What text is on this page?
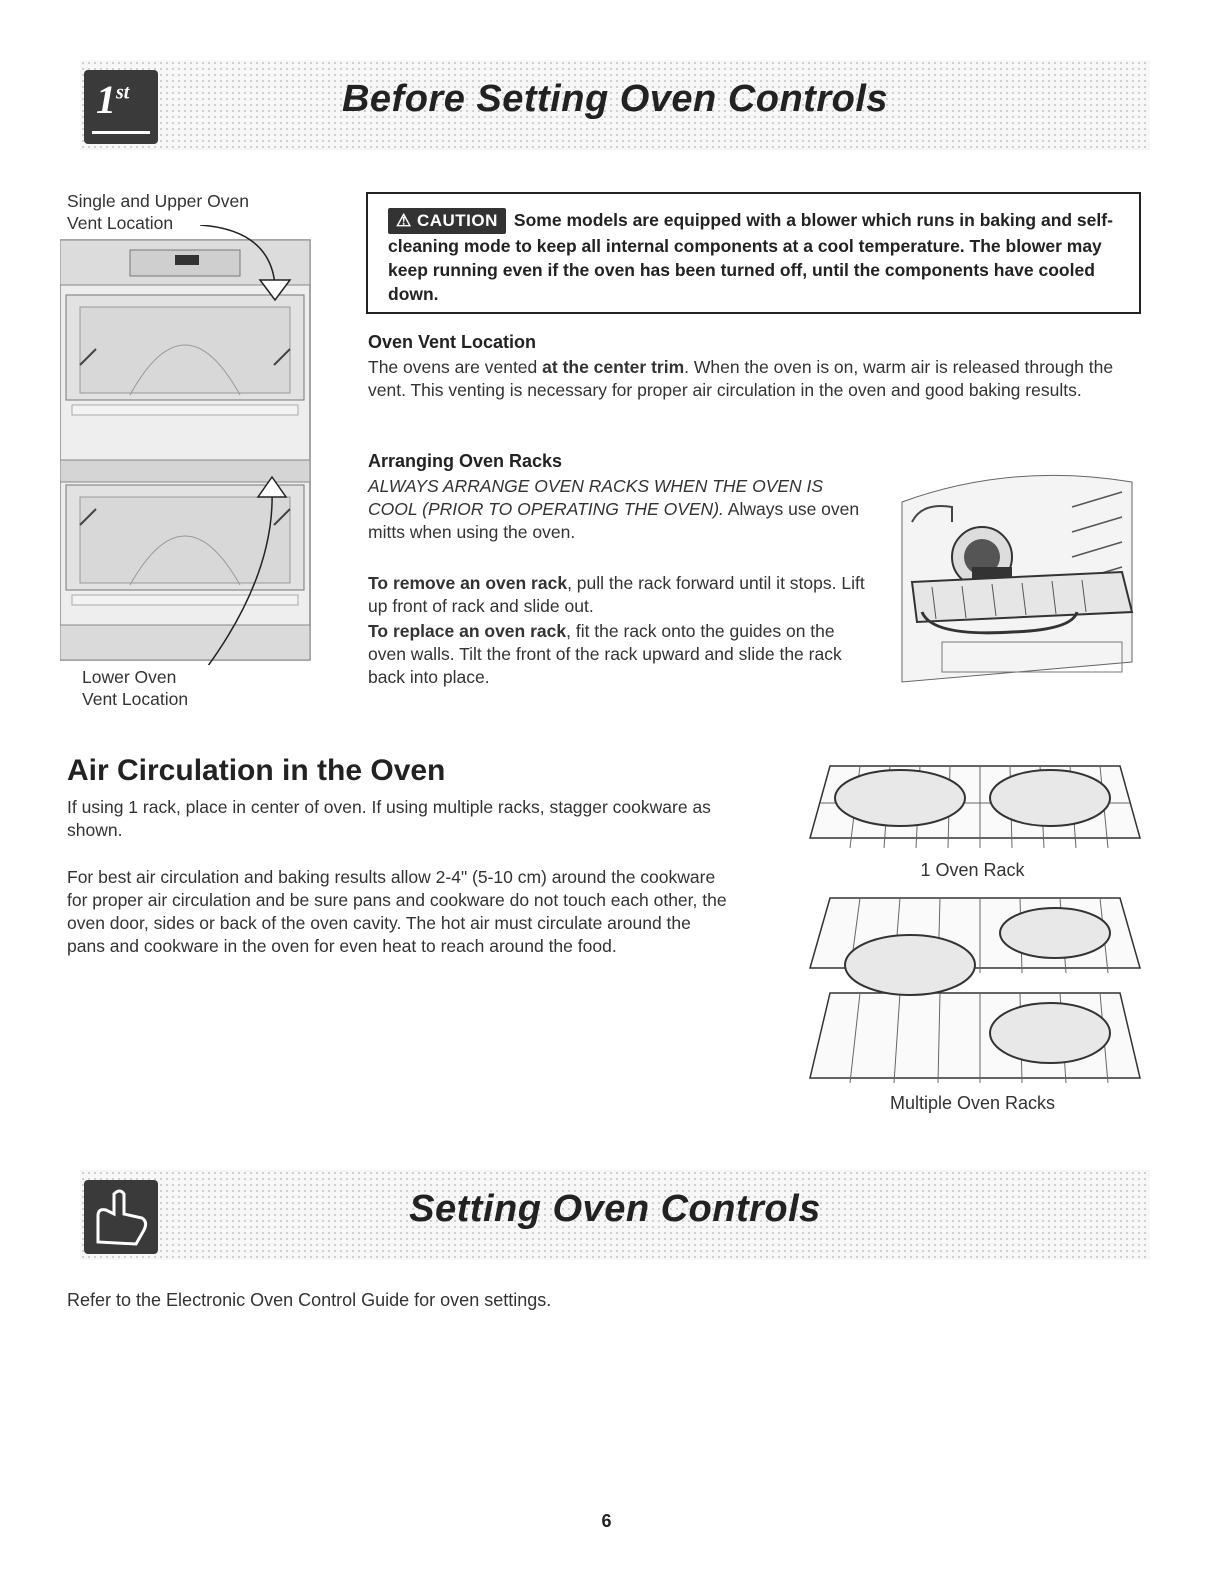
1st	Before Setting Oven Controls
Single and Upper Oven
Vent Location
Lower Oven
Vent Location
⚠ CAUTION Some models are equipped with a blower which runs in baking and self-cleaning mode to keep all internal components at a cool temperature. The blower may keep running even if the oven has been turned off, until the components have cooled down.
Oven Vent Location
The ovens are vented at the center trim. When the oven is on, warm air is released through the vent. This venting is necessary for proper air circulation in the oven and good baking results.
Arranging Oven Racks
ALWAYS ARRANGE OVEN RACKS WHEN THE OVEN IS COOL (PRIOR TO OPERATING THE OVEN). Always use oven mitts when using the oven.
To remove an oven rack, pull the rack forward until it stops. Lift up front of rack and slide out.
To replace an oven rack, fit the rack onto the guides on the oven walls. Tilt the front of the rack upward and slide the rack back into place.
Air Circulation in the Oven
If using 1 rack, place in center of oven. If using multiple racks, stagger cookware as shown.
For best air circulation and baking results allow 2-4" (5-10 cm) around the cookware for proper air circulation and be sure pans and cookware do not touch each other, the oven door, sides or back of the oven cavity. The hot air must circulate around the pans and cookware in the oven for even heat to reach around the food.
1 Oven Rack
Multiple Oven Racks
Setting Oven Controls
Refer to the Electronic Oven Control Guide for oven settings.
6
